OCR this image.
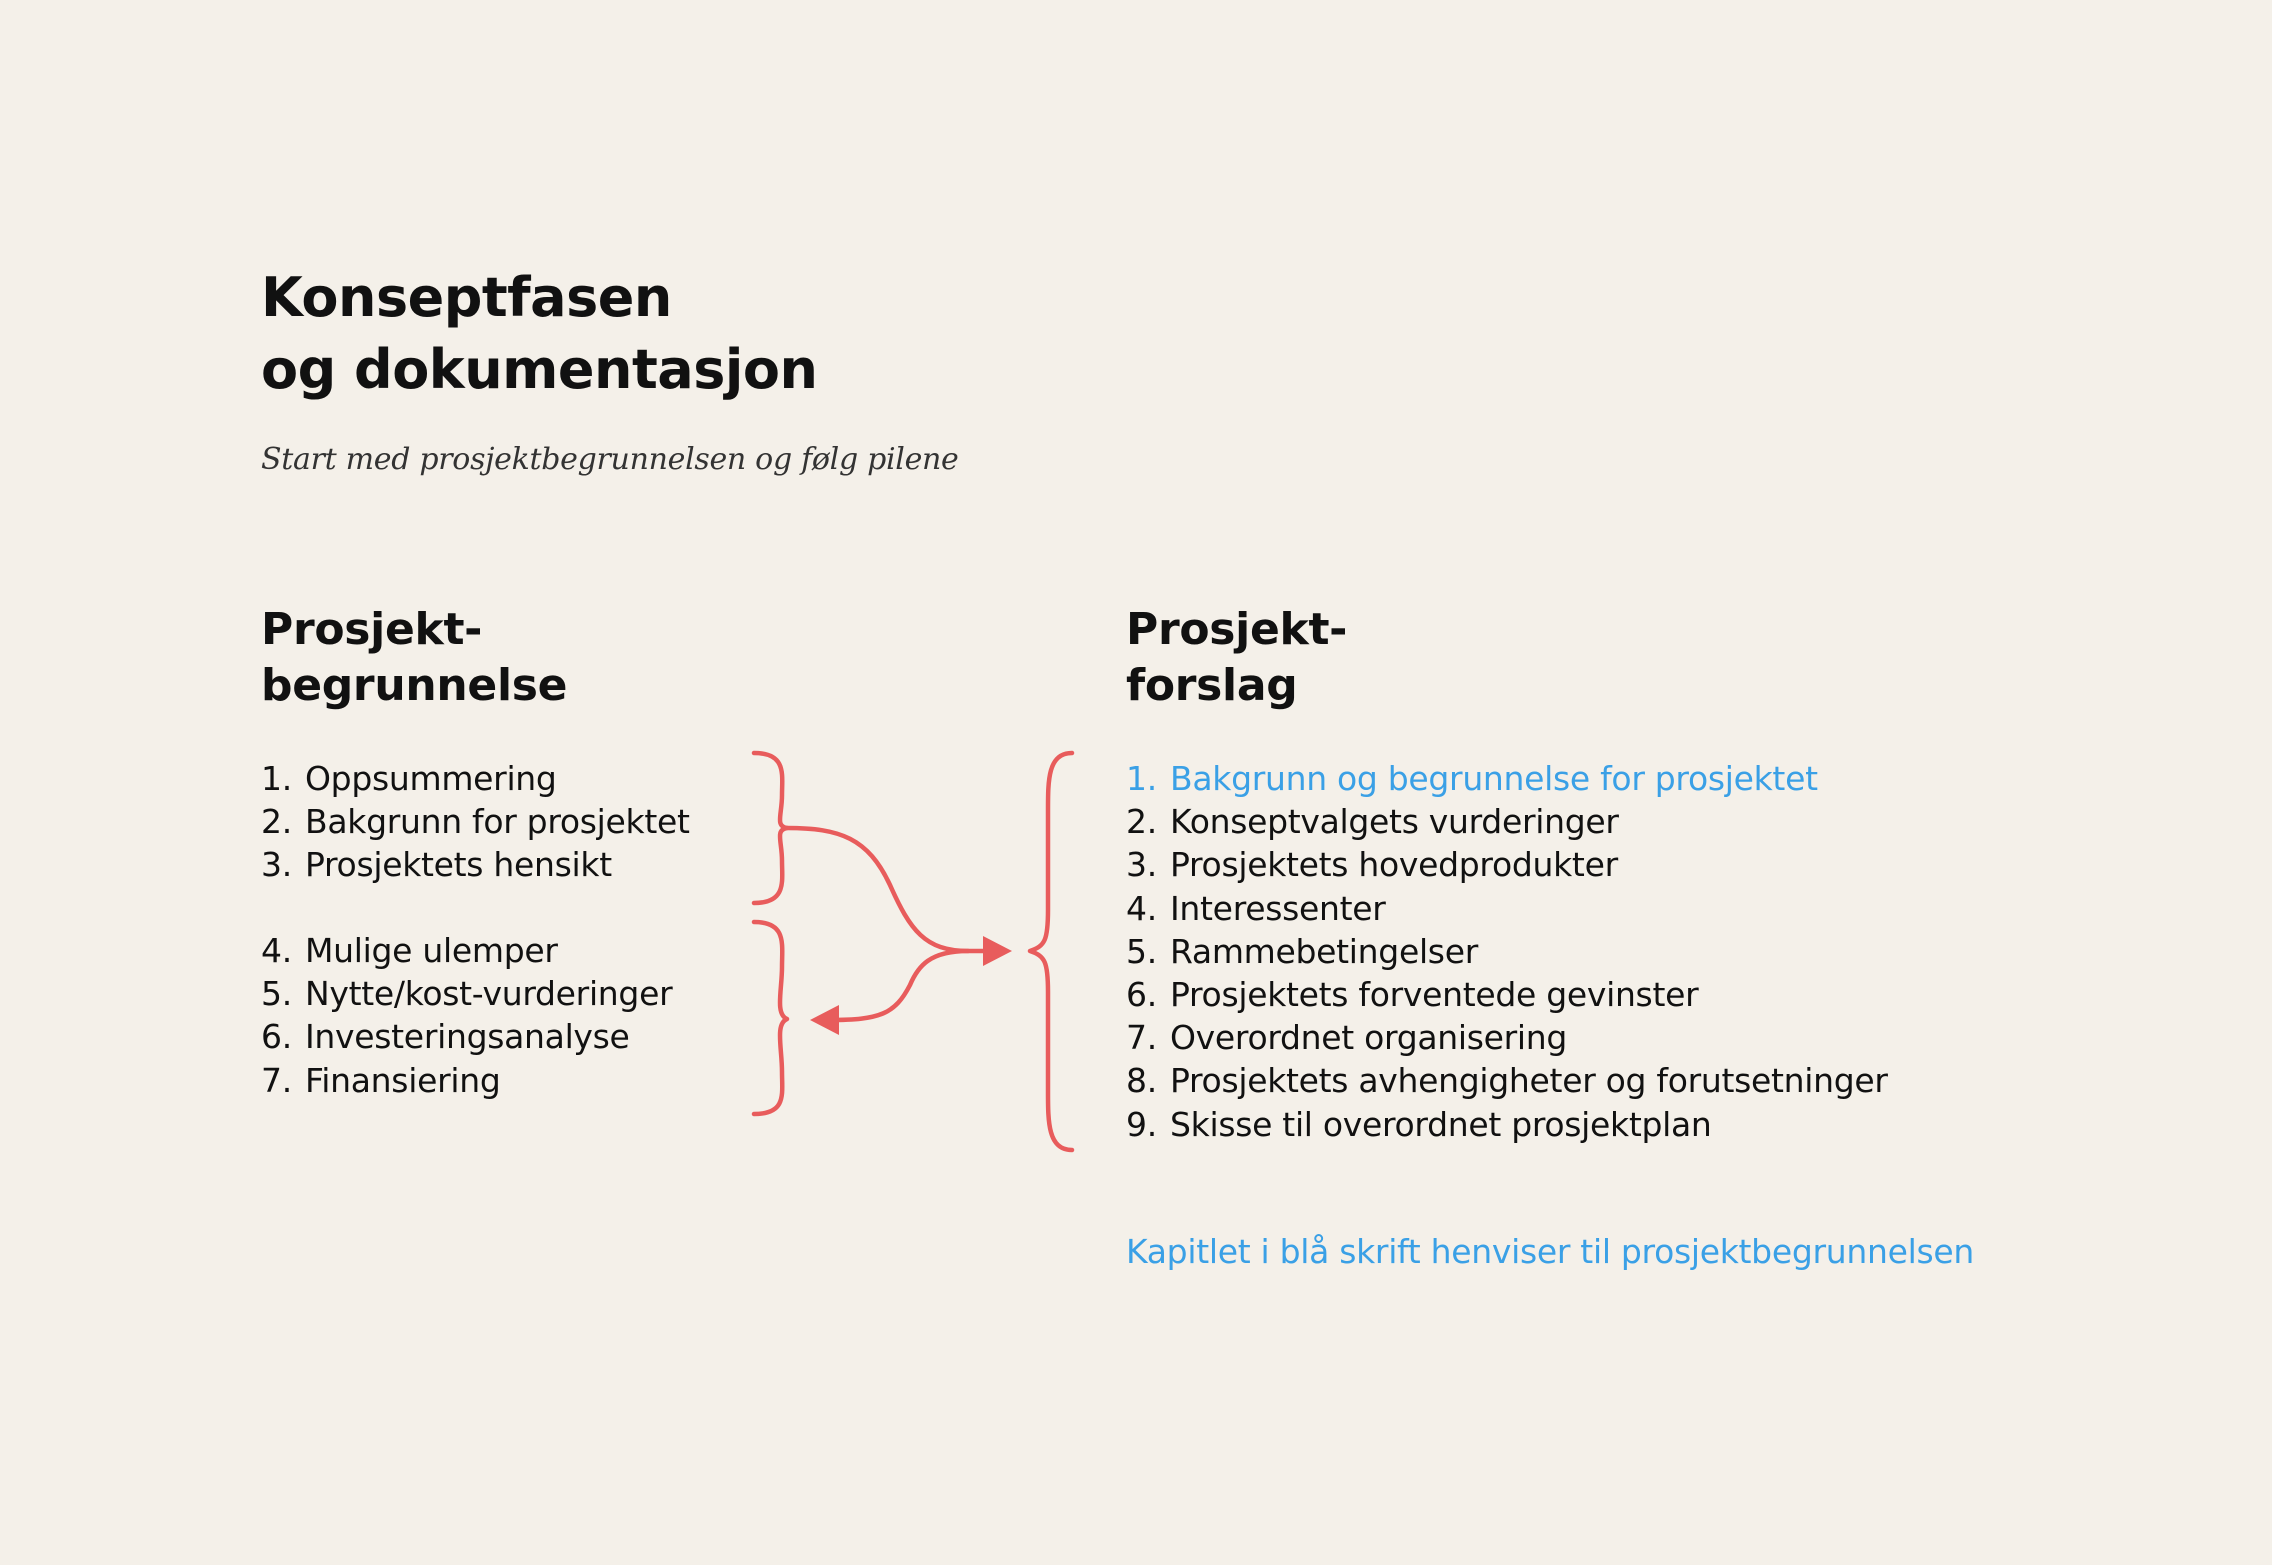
Konseptfasen
og dokumentasjon
Start med prosjektbegrunnelsen og følg pilene
Prosjekt-
begrunnelse
Prosjekt-
forslag
1. Oppsummering
2. Bakgrunn for prosjektet
3. Prosjektets hensikt
4. Mulige ulemper
5. Nytte/kost-vurderinger
6. Investeringsanalyse
7. Finansiering
1. Bakgrunn og begrunnelse for prosjektet
2. Konseptvalgets vurderinger
3. Prosjektets hovedprodukter
4. Interessenter
5. Rammebetingelser
6. Prosjektets forventede gevinster
7. Overordnet organisering
8. Prosjektets avhengigheter og forutsetninger
9. Skisse til overordnet prosjektplan
Kapitlet i blå skrift henviser til prosjektbegrunnelsen
